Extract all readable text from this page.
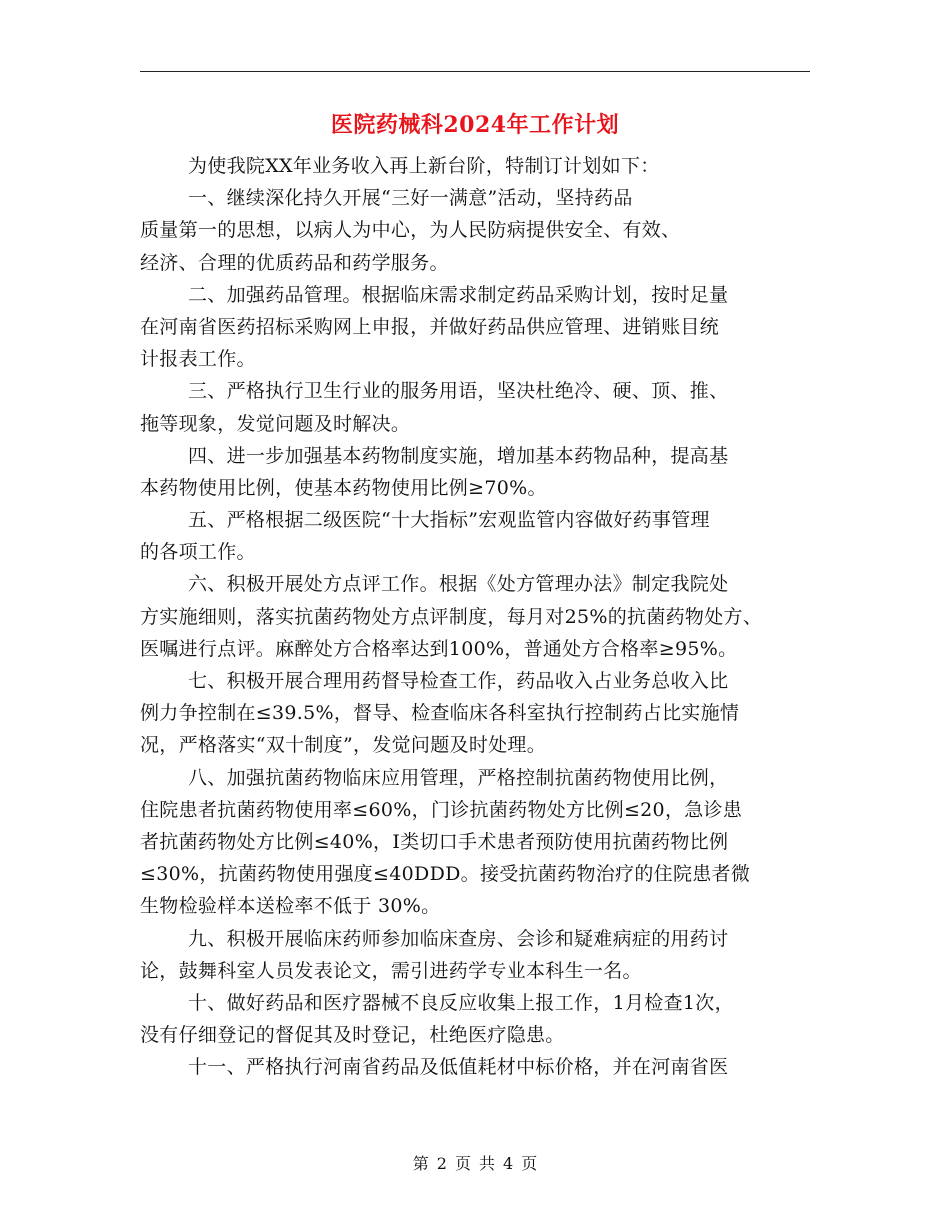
医院药械科2024年工作计划
为使我院XX年业务收入再上新台阶，特制订计划如下：
一、继续深化持久开展“三好一满意”活动，坚持药品
质量第一的思想，以病人为中心，为人民防病提供安全、有效、
经济、合理的优质药品和药学服务。
二、加强药品管理。根据临床需求制定药品采购计划，按时足量
在河南省医药招标采购网上申报，并做好药品供应管理、进销账目统
计报表工作。
三、严格执行卫生行业的服务用语，坚决杜绝冷、硬、顶、推、
拖等现象，发觉问题及时解决。
四、进一步加强基本药物制度实施，增加基本药物品种，提高基
本药物使用比例，使基本药物使用比例≥70%。
五、严格根据二级医院“十大指标”宏观监管内容做好药事管理
的各项工作。
六、积极开展处方点评工作。根据《处方管理办法》制定我院处
方实施细则，落实抗菌药物处方点评制度，每月对25%的抗菌药物处方、
医嘱进行点评。麻醉处方合格率达到100%，普通处方合格率≥95%。
七、积极开展合理用药督导检查工作，药品收入占业务总收入比
例力争控制在≤39.5%，督导、检查临床各科室执行控制药占比实施情
况，严格落实“双十制度”，发觉问题及时处理。
八、加强抗菌药物临床应用管理，严格控制抗菌药物使用比例，
住院患者抗菌药物使用率≤60%，门诊抗菌药物处方比例≤20，急诊患
者抗菌药物处方比例≤40%，Ⅰ类切口手术患者预防使用抗菌药物比例
≤30%，抗菌药物使用强度≤40DDD。接受抗菌药物治疗的住院患者微
生物检验样本送检率不低于 30%。
九、积极开展临床药师参加临床查房、会诊和疑难病症的用药讨
论，鼓舞科室人员发表论文，需引进药学专业本科生一名。
十、做好药品和医疗器械不良反应收集上报工作，1月检查1次，
没有仔细登记的督促其及时登记，杜绝医疗隐患。
十一、严格执行河南省药品及低值耗材中标价格，并在河南省医
第 2 页 共 4 页
